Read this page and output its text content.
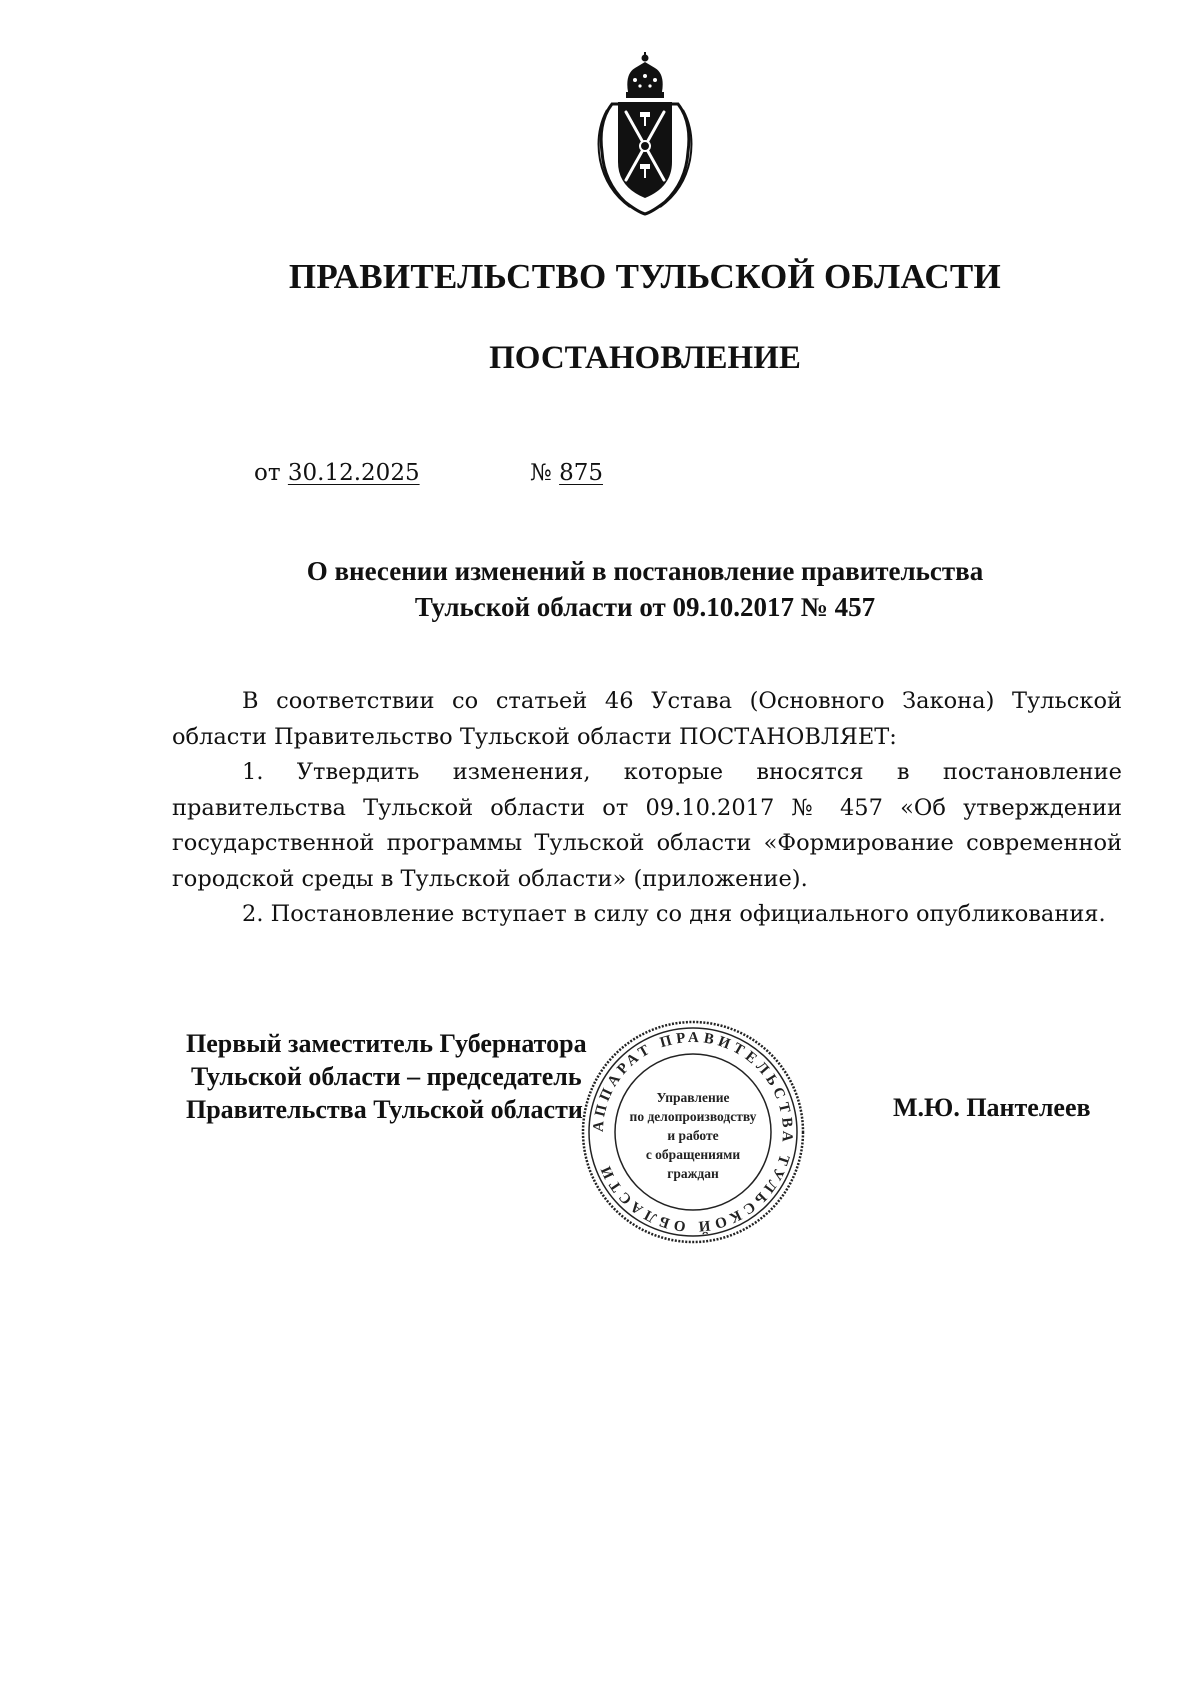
ПРАВИТЕЛЬСТВО ТУЛЬСКОЙ ОБЛАСТИ
ПОСТАНОВЛЕНИЕ
от 30.12.2025	№ 875
О внесении изменений в постановление правительства
Тульской области от 09.10.2017 № 457

В соответствии со статьей 46 Устава (Основного Закона) Тульской области Правительство Тульской области ПОСТАНОВЛЯЕТ:

1. Утвердить изменения, которые вносятся в постановление правительства Тульской области от 09.10.2017 № 457 «Об утверждении государственной программы Тульской области «Формирование современной городской среды в Тульской области» (приложение).

2. Постановление вступает в силу со дня официального опубликования.

Первый заместитель Губернатора
Тульской области – председатель
Правительства Тульской области	М.Ю. Пантелеев
АППАРАТ ПРАВИТЕЛЬСТВА ТУЛЬСКОЙ ОБЛАСТИ
Управление
по делопроизводству
и работе
с обращениями
граждан
